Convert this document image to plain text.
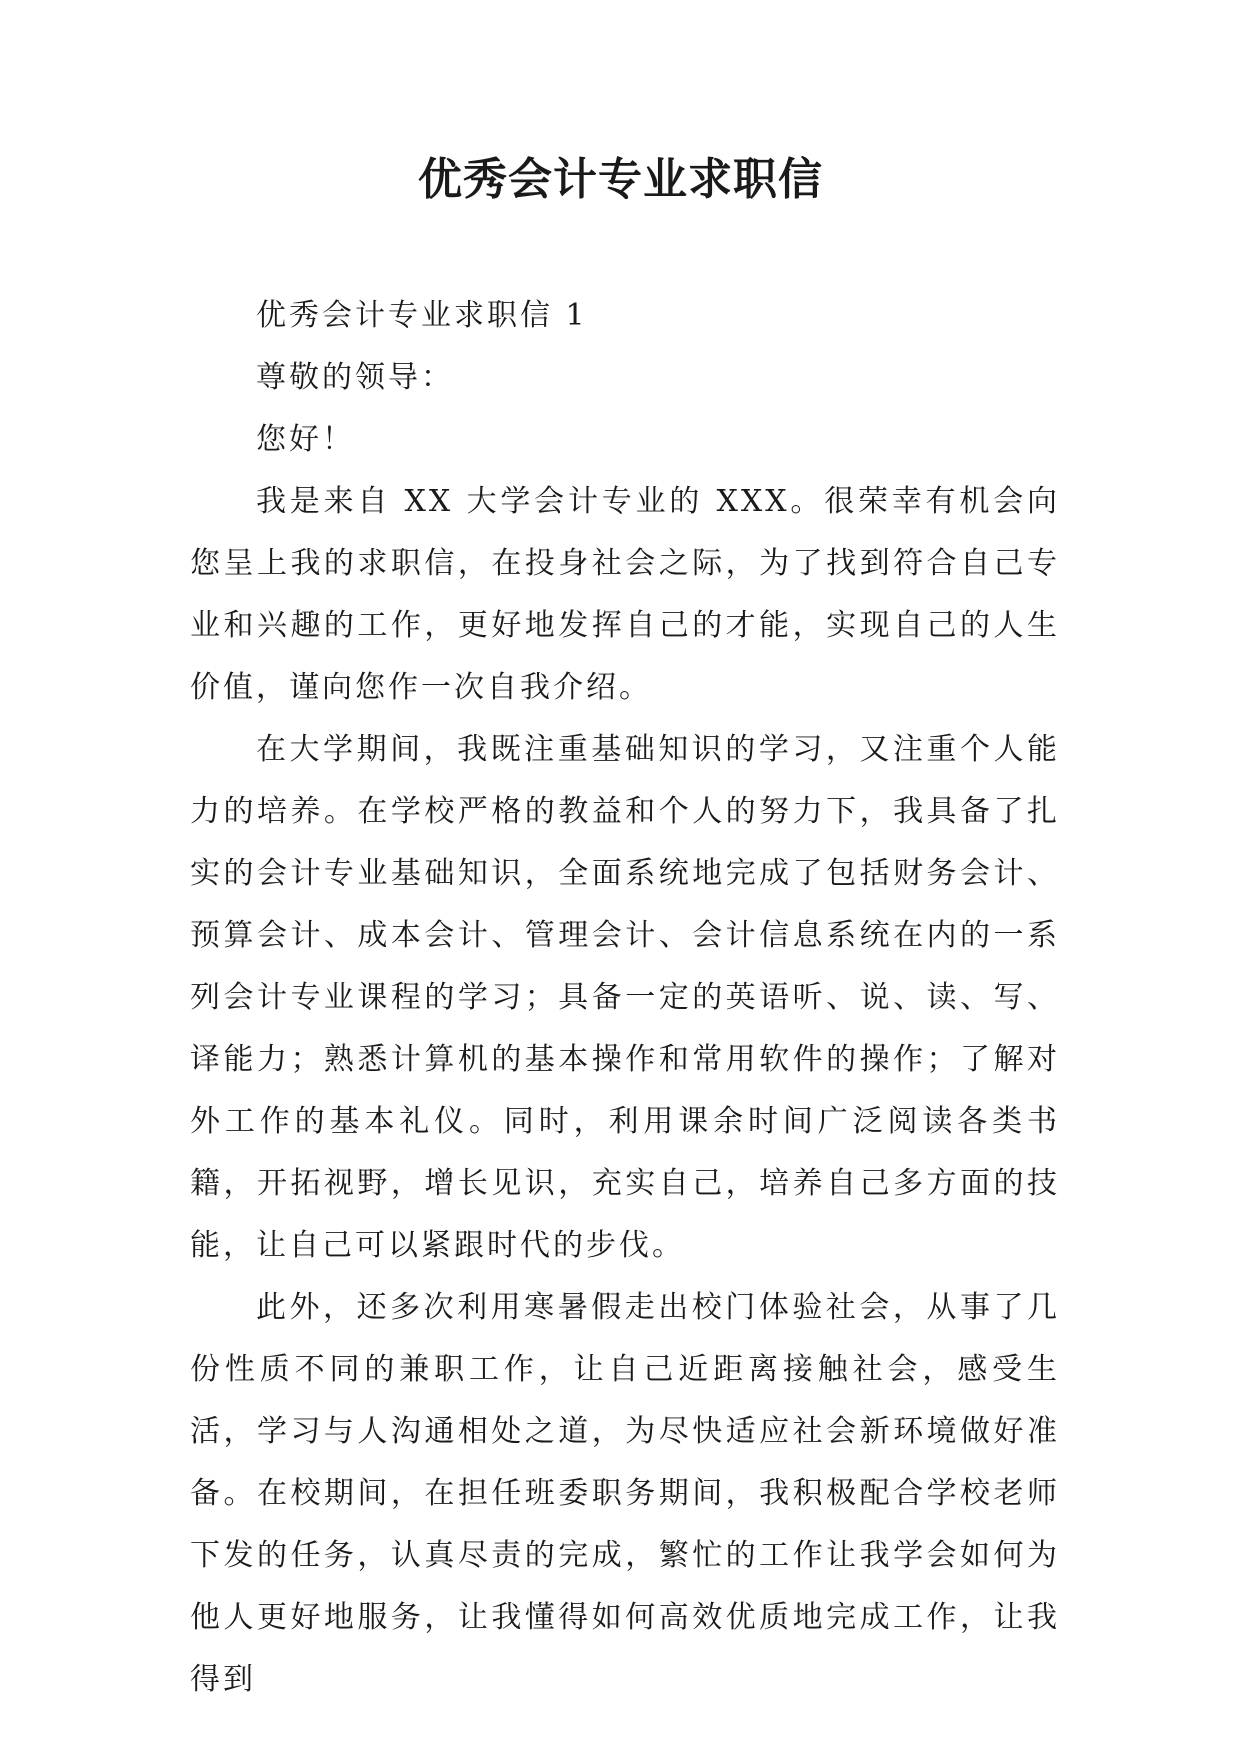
优秀会计专业求职信

优秀会计专业求职信 1

尊敬的领导：

您好！

我是来自 XX 大学会计专业的 XXX。很荣幸有机会向您呈上我的求职信，在投身社会之际，为了找到符合自己专业和兴趣的工作，更好地发挥自己的才能，实现自己的人生价值，谨向您作一次自我介绍。

在大学期间，我既注重基础知识的学习，又注重个人能力的培养。在学校严格的教益和个人的努力下，我具备了扎实的会计专业基础知识，全面系统地完成了包括财务会计、预算会计、成本会计、管理会计、会计信息系统在内的一系列会计专业课程的学习；具备一定的英语听、说、读、写、译能力；熟悉计算机的基本操作和常用软件的操作；了解对外工作的基本礼仪。同时，利用课余时间广泛阅读各类书籍，开拓视野，增长见识，充实自己，培养自己多方面的技能，让自己可以紧跟时代的步伐。

此外，还多次利用寒暑假走出校门体验社会，从事了几份性质不同的兼职工作，让自己近距离接触社会，感受生活，学习与人沟通相处之道，为尽快适应社会新环境做好准备。在校期间，在担任班委职务期间，我积极配合学校老师下发的任务，认真尽责的完成，繁忙的工作让我学会如何为他人更好地服务，让我懂得如何高效优质地完成工作，让我得到
